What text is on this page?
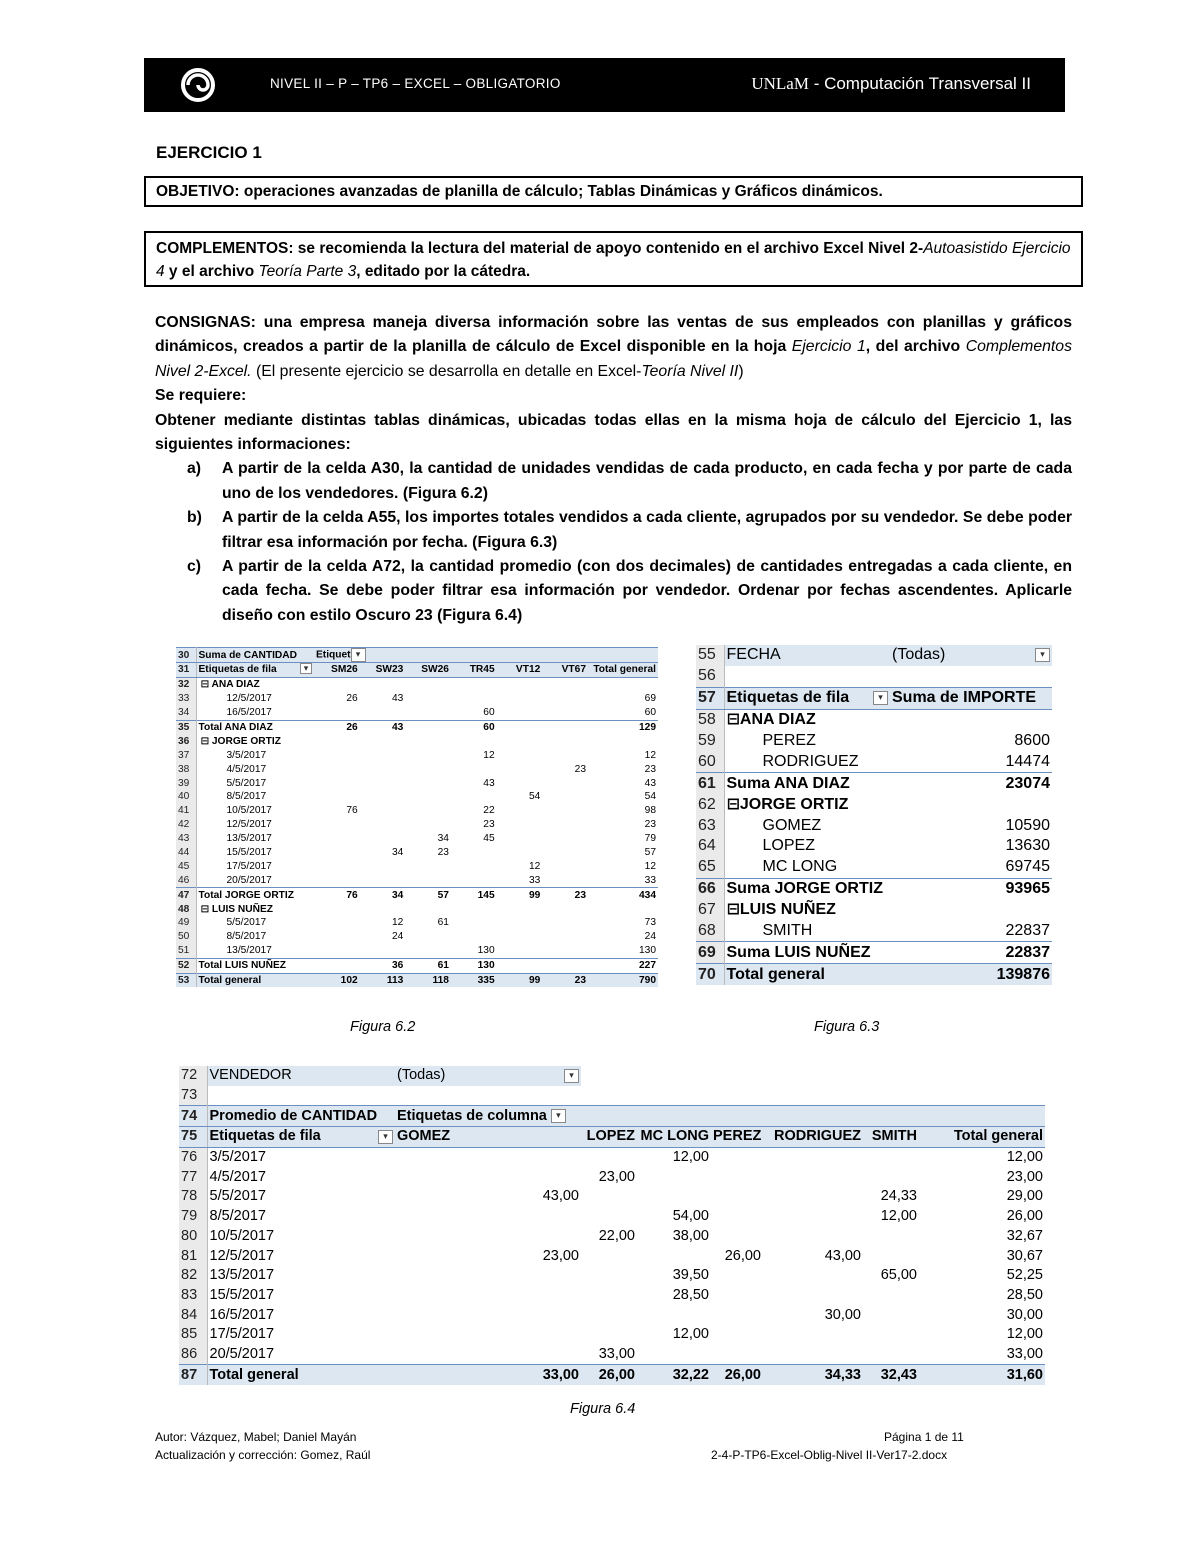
NIVEL II – P – TP6 – EXCEL – OBLIGATORIO	UNLaM - Computación Transversal II
EJERCICIO 1
OBJETIVO: operaciones avanzadas de planilla de cálculo; Tablas Dinámicas y Gráficos dinámicos.
COMPLEMENTOS: se recomienda la lectura del material de apoyo contenido en el archivo Excel Nivel 2-Autoasistido Ejercicio 4 y el archivo Teoría Parte 3, editado por la cátedra.

CONSIGNAS: una empresa maneja diversa información sobre las ventas de sus empleados con planillas y gráficos dinámicos, creados a partir de la planilla de cálculo de Excel disponible en la hoja Ejercicio 1, del archivo Complementos Nivel 2-Excel. (El presente ejercicio se desarrolla en detalle en Excel-Teoría Nivel II)

Se requiere:

Obtener mediante distintas tablas dinámicas, ubicadas todas ellas en la misma hoja de cálculo del Ejercicio 1, las siguientes informaciones:

a) A partir de la celda A30, la cantidad de unidades vendidas de cada producto, en cada fecha y por parte de cada uno de los vendedores. (Figura 6.2)
b) A partir de la celda A55, los importes totales vendidos a cada cliente, agrupados por su vendedor. Se debe poder filtrar esa información por fecha. (Figura 6.3)
c) A partir de la celda A72, la cantidad promedio (con dos decimales) de cantidades entregadas a cada cliente, en cada fecha. Se debe poder filtrar esa información por vendedor. Ordenar por fechas ascendentes. Aplicarle diseño con estilo Oscuro 23 (Figura 6.4)
30	Suma de CANTIDAD	Etiquet ▾						
31	Etiquetas de fila ▾	SM26	SW23	SW26	TR45	VT12	VT67	Total general
32	⊟ ANA DIAZ							
33	12/5/2017	26	43					69
34	16/5/2017				60			60
35	Total ANA DIAZ	26	43		60			129
36	⊟ JORGE ORTIZ							
37	3/5/2017				12			12
38	4/5/2017						23	23
39	5/5/2017				43			43
40	8/5/2017					54		54
41	10/5/2017	76			22			98
42	12/5/2017				23			23
43	13/5/2017			34	45			79
44	15/5/2017		34	23				57
45	17/5/2017					12		12
46	20/5/2017					33		33
47	Total JORGE ORTIZ	76	34	57	145	99	23	434
48	⊟ LUIS NUÑEZ							
49	5/5/2017		12	61				73
50	8/5/2017		24					24
51	13/5/2017				130			130
52	Total LUIS NUÑEZ		36	61	130			227
53	Total general	102	113	118	335	99	23	790
55	FECHA	(Todas) ▾

56		
57	Etiquetas de fila ▾	Suma de IMPORTE
58	⊟ANA DIAZ	
59	PEREZ	8600
60	RODRIGUEZ	14474
61	Suma ANA DIAZ	23074
62	⊟JORGE ORTIZ	
63	GOMEZ	10590
64	LOPEZ	13630
65	MC LONG	69745
66	Suma JORGE ORTIZ	93965
67	⊟LUIS NUÑEZ	
68	SMITH	22837
69	Suma LUIS NUÑEZ	22837
70	Total general	139876
72	VENDEDOR	(Todas) ▾						

73								
74	Promedio de CANTIDAD	Etiquetas de columna ▾						
75	Etiquetas de fila ▾	GOMEZ	LOPEZ	MC LONG	PEREZ	RODRIGUEZ	SMITH	Total general
76	3/5/2017			12,00				12,00
77	4/5/2017		23,00					23,00
78	5/5/2017	43,00					24,33	29,00
79	8/5/2017			54,00			12,00	26,00
80	10/5/2017		22,00	38,00				32,67
81	12/5/2017	23,00			26,00	43,00		30,67
82	13/5/2017			39,50			65,00	52,25
83	15/5/2017			28,50				28,50
84	16/5/2017					30,00		30,00
85	17/5/2017			12,00				12,00
86	20/5/2017		33,00					33,00
87	Total general	33,00	26,00	32,22	26,00	34,33	32,43	31,60
Figura 6.2	Figura 6.3
Figura 6.4
Autor: Vázquez, Mabel; Daniel Mayán
Actualización y corrección: Gomez, Raúl
Página 1 de 11
2-4-P-TP6-Excel-Oblig-Nivel II-Ver17-2.docx
